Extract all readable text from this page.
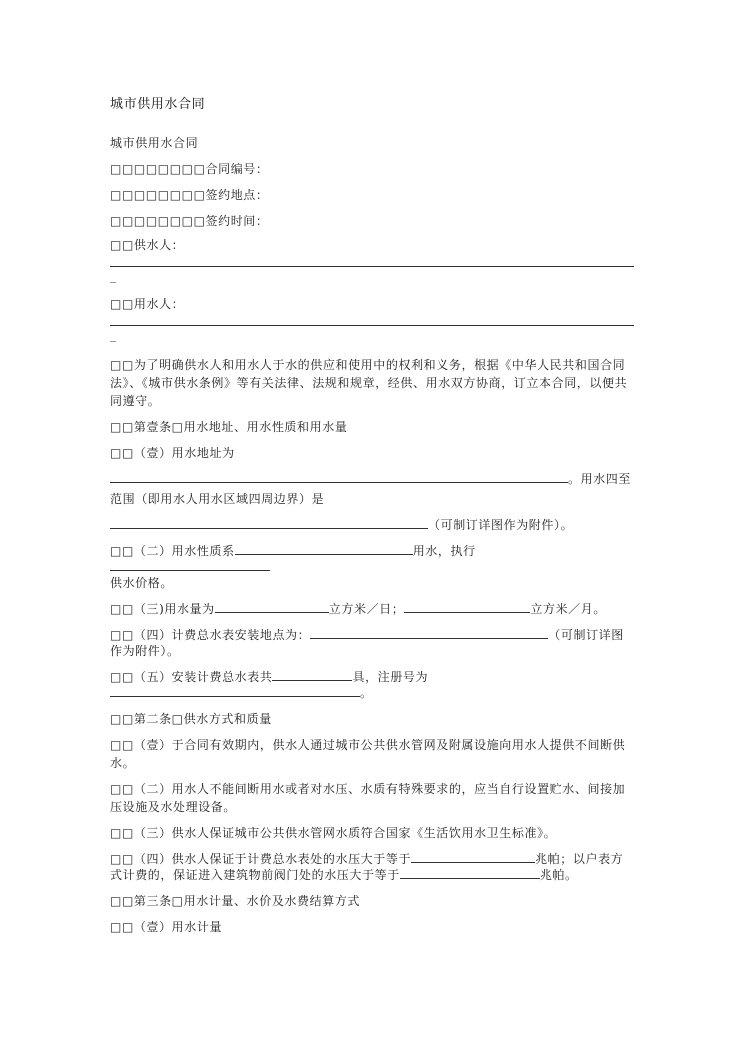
城市供用水合同
城市供用水合同
□□□□□□□□合同编号：
□□□□□□□□签约地点：
□□□□□□□□签约时间：
□□供水人：
_
□□用水人：
_
□□为了明确供水人和用水人于水的供应和使用中的权利和义务，根据《中华人民共和国合同法》、《城市供水条例》等有关法律、法规和规章，经供、用水双方协商，订立本合同，以便共同遵守。
□□第壹条□用水地址、用水性质和用水量
□□（壹）用水地址为
。用水四至
范围（即用水人用水区域四周边界）是
（可制订详图作为附件）。
□□（二）用水性质系	用水，执行
供水价格。
□□（三)用水量为	立方米／日；	立方米／月。
□□（四）计费总水表安装地点为：	（可制订详图
作为附件）。
□□（五）安装计费总水表共	具，注册号为
。
□□第二条□供水方式和质量
□□（壹）于合同有效期内，供水人通过城市公共供水管网及附属设施向用水人提供不间断供水。
□□（二）用水人不能间断用水或者对水压、水质有特殊要求的，应当自行设置贮水、间接加压设施及水处理设备。
□□（三）供水人保证城市公共供水管网水质符合国家《生活饮用水卫生标准》。
□□（四）供水人保证于计费总水表处的水压大于等于	兆帕；以户表方
式计费的，保证进入建筑物前阀门处的水压大于等于	兆帕。
□□第三条□用水计量、水价及水费结算方式
□□（壹）用水计量
